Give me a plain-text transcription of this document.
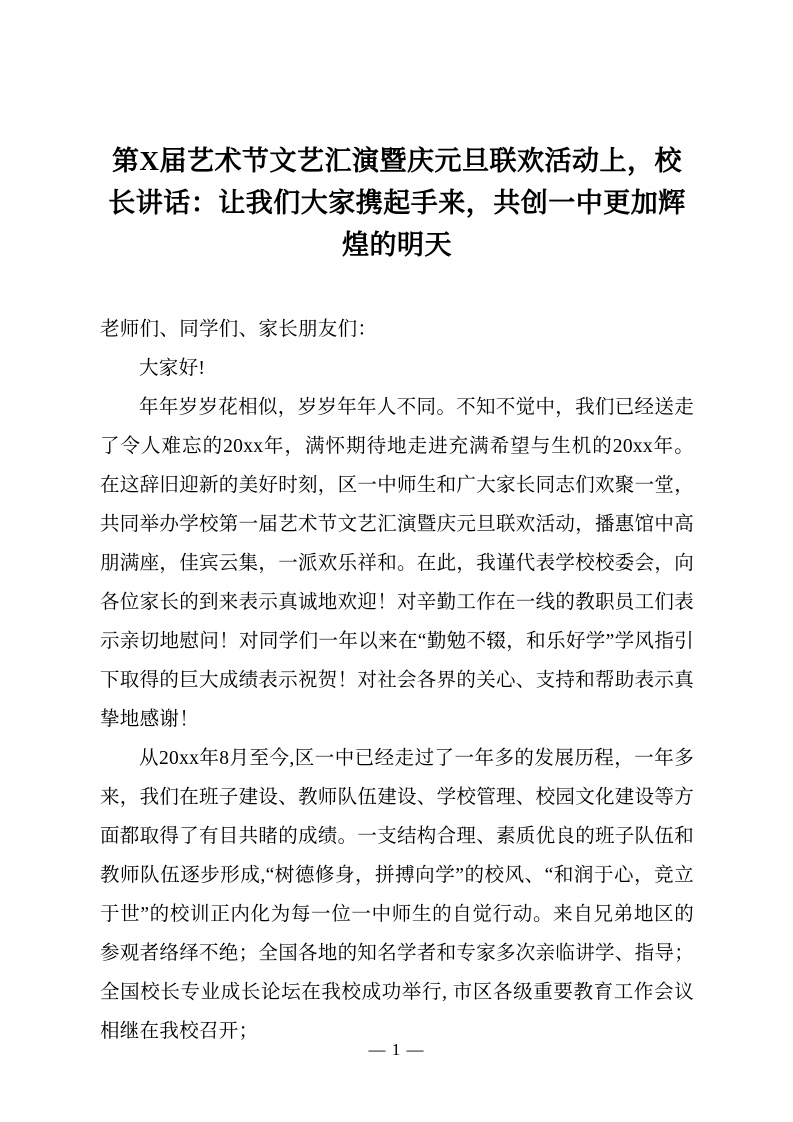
第X届艺术节文艺汇演暨庆元旦联欢活动上，校长讲话：让我们大家携起手来，共创一中更加辉煌的明天
老师们、同学们、家长朋友们：

大家好!

年年岁岁花相似，岁岁年年人不同。不知不觉中，我们已经送走了令人难忘的20xx年，满怀期待地走进充满希望与生机的20xx年。在这辞旧迎新的美好时刻，区一中师生和广大家长同志们欢聚一堂，共同举办学校第一届艺术节文艺汇演暨庆元旦联欢活动，播惠馆中高朋满座，佳宾云集，一派欢乐祥和。在此，我谨代表学校校委会，向各位家长的到来表示真诚地欢迎！对辛勤工作在一线的教职员工们表示亲切地慰问！对同学们一年以来在“勤勉不辍，和乐好学”学风指引下取得的巨大成绩表示祝贺！对社会各界的关心、支持和帮助表示真挚地感谢！

从20xx年8月至今,区一中已经走过了一年多的发展历程，一年多来，我们在班子建设、教师队伍建设、学校管理、校园文化建设等方面都取得了有目共睹的成绩。一支结构合理、素质优良的班子队伍和教师队伍逐步形成,“树德修身，拼搏向学”的校风、“和润于心，竞立于世”的校训正内化为每一位一中师生的自觉行动。来自兄弟地区的参观者络绎不绝；全国各地的知名学者和专家多次亲临讲学、指导；全国校长专业成长论坛在我校成功举行, 市区各级重要教育工作会议相继在我校召开；

— 1 —
